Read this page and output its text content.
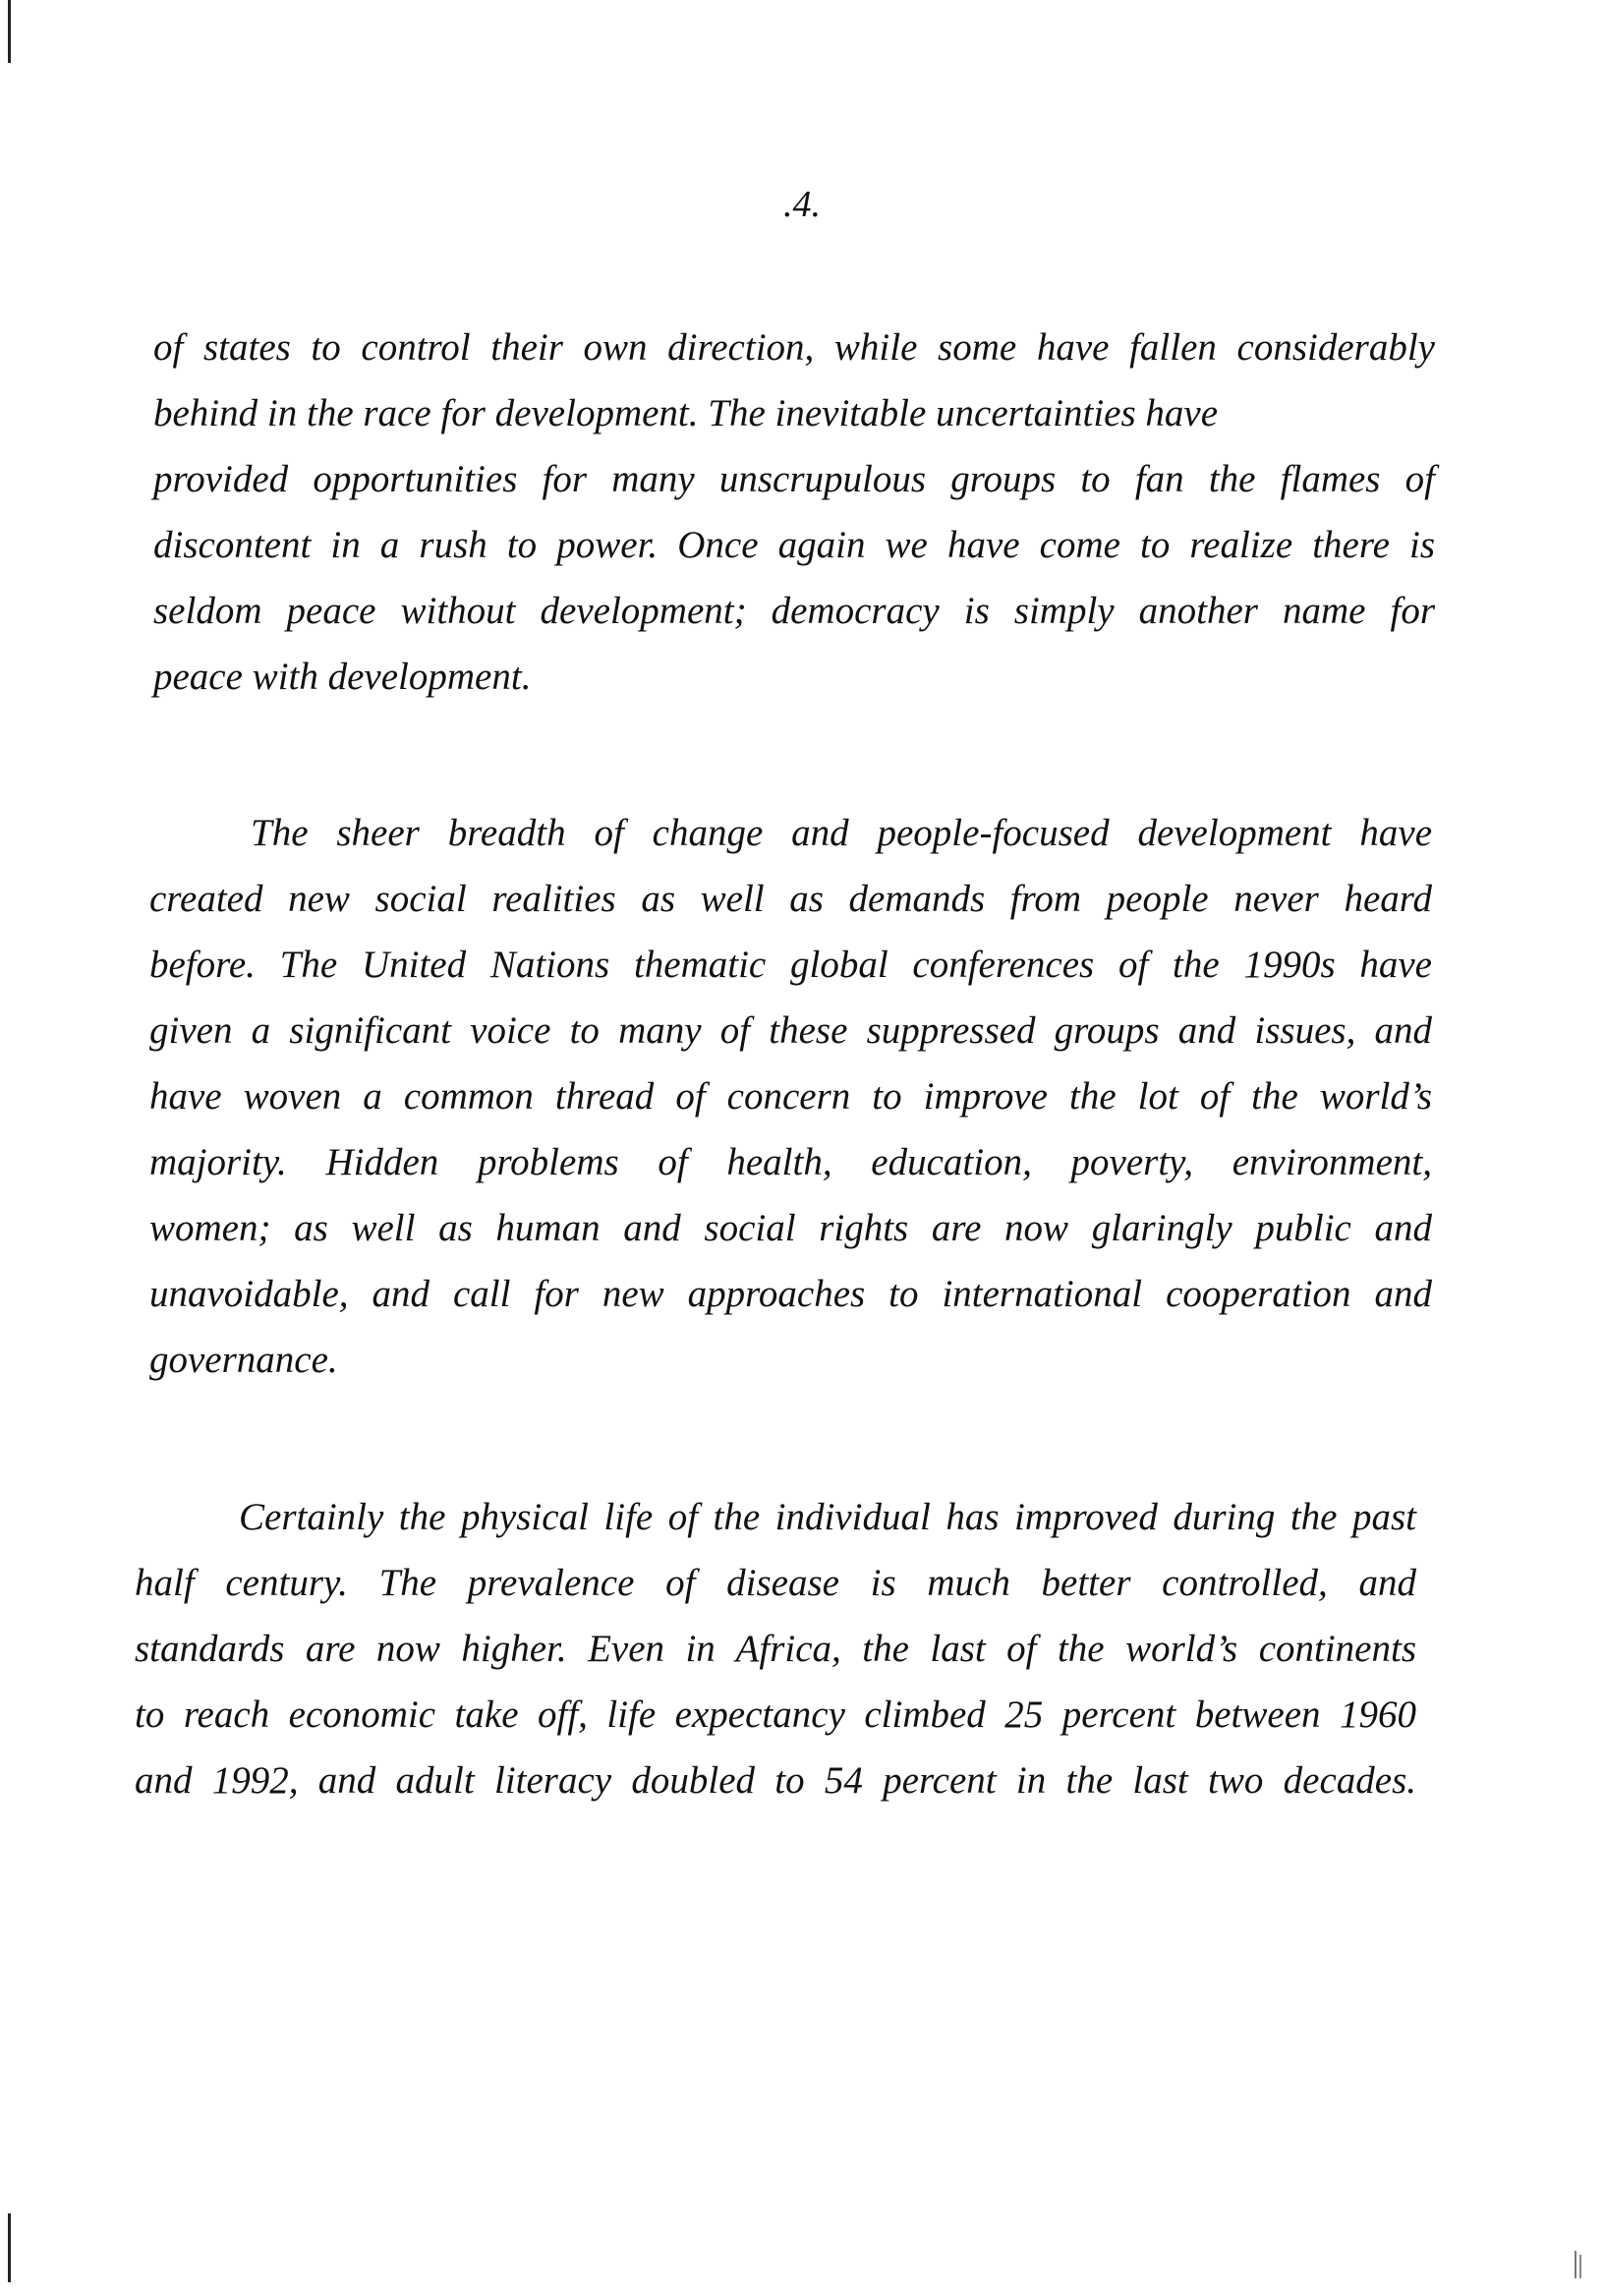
.4.
of states to control their own direction, while some have fallen considerably
behind in the race for development. The inevitable uncertainties have
provided opportunities for many unscrupulous groups to fan the flames of
discontent in a rush to power. Once again we have come to realize there is
seldom peace without development; democracy is simply another name for
peace with development.
The sheer breadth of change and people-focused development have
created new social realities as well as demands from people never heard
before. The United Nations thematic global conferences of the 1990s have
given a significant voice to many of these suppressed groups and issues, and
have woven a common thread of concern to improve the lot of the world’s
majority. Hidden problems of health, education, poverty, environment,
women; as well as human and social rights are now glaringly public and
unavoidable, and call for new approaches to international cooperation and
governance.
Certainly the physical life of the individual has improved during the past
half century. The prevalence of disease is much better controlled, and
standards are now higher. Even in Africa, the last of the world’s continents
to reach economic take off, life expectancy climbed 25 percent between 1960
and 1992, and adult literacy doubled to 54 percent in the last two decades.
